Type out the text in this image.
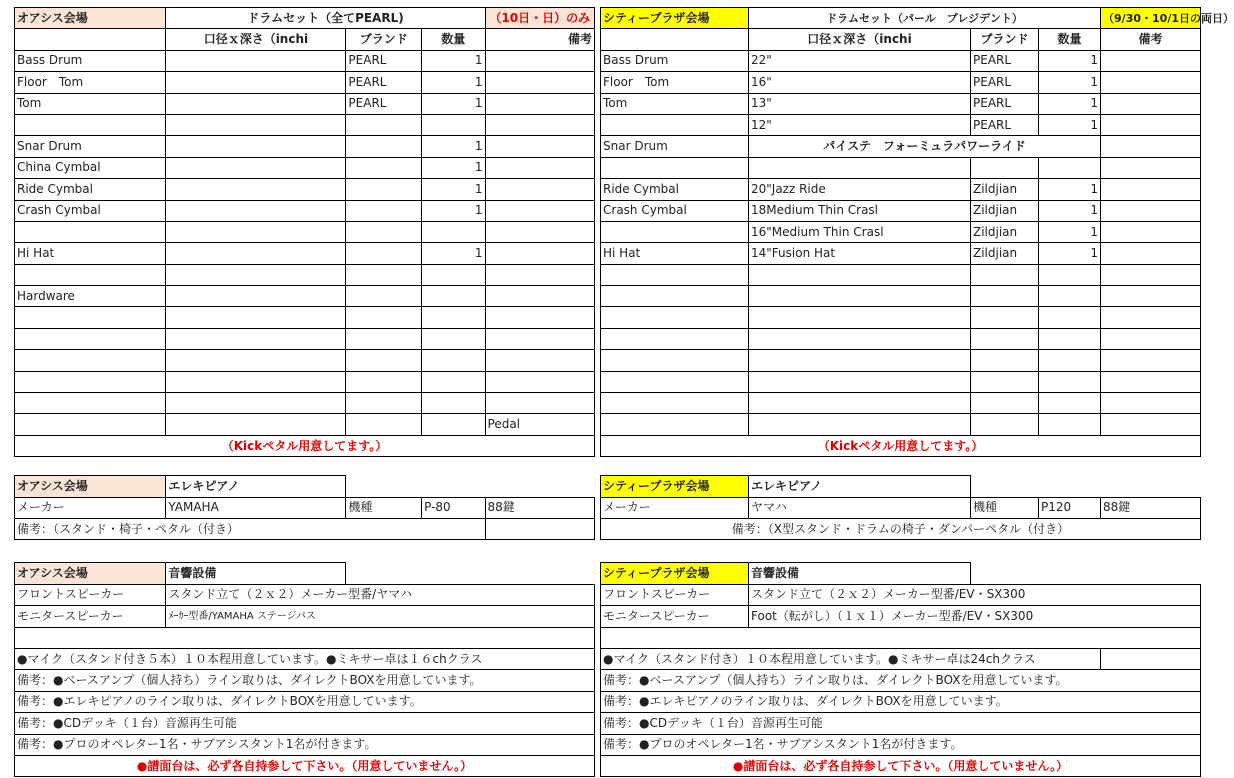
オアシス会場	ドラムセット（全てPEARL)			（10日・日）のみ
	口径ｘ深さ（inchi	ブランド	数量	備考
Bass Drum		PEARL	1	
Floor　Tom		PEARL	1	
Tom		PEARL	1	

Snar Drum			1	
China Cymbal			1	
Ride Cymbal			1	
Crash Cymbal			1	

Hi Hat			1	

Hardware				

				Pedal
（Kickペタル用意してます。）				
オアシス会場	エレキピアノ			
メーカー	YAMAHA	機種	P-80	88鍵
備考：（スタンド・椅子・ペタル（付き）				
オアシス会場	音響設備	
フロントスピーカー	スタンド立て（２ｘ２）メーカー型番/ヤマハ	
モニタースピーカー	ﾒｰｶｰ型番/YAMAHA ステージパス	

●マイク（スタンド付き５本）１０本程用意しています。●ミキサー卓は１６chクラス		
備考：●ベースアンプ（個人持ち）ライン取りは、ダイレクトBOXを用意しています。		
備考：●エレキピアノのライン取りは、ダイレクトBOXを用意しています。		
備考：●CDデッキ（１台）音源再生可能		
備考：●プロのオペレター1名・サブアシスタント1名が付きます。		
●譜面台は、必ず各自持参して下さい。（用意していません。）		
シティープラザ会場	ドラムセット（パール　プレジデント）			（9/30・10/1日の両日）
	口径ｘ深さ（inchi	ブランド	数量	備考
Bass Drum	22"	PEARL	1	
Floor　Tom	16"	PEARL	1	
Tom	13"	PEARL	1	
	12"	PEARL	1	
Snar Drum	パイステ　フォーミュラパワーライド			

Ride Cymbal	20"Jazz Ride	Zildjian	1	
Crash Cymbal	18Medium Thin Crasl	Zildjian	1	
	16"Medium Thin Crasl	Zildjian	1	
Hi Hat	14"Fusion Hat	Zildjian	1	

（Kickペタル用意してます。）				
シティープラザ会場	エレキピアノ			
メーカー	ヤマハ	機種	P120	88鍵
備考：（X型スタンド・ドラムの椅子・ダンパーペタル（付き）				
シティープラザ会場	音響設備		
フロントスピーカー	スタンド立て（２ｘ２）メーカー型番/EV・SX300		
モニタースピーカー	Foot（転がし）（１ｘ１）メーカー型番/EV・SX300		

●マイク（スタンド付き）１０本程用意しています。●ミキサー卓は24chクラス			
備考：●ベースアンプ（個人持ち）ライン取りは、ダイレクトBOXを用意しています。			
備考：●エレキピアノのライン取りは、ダイレクトBOXを用意しています。			
備考：●CDデッキ（１台）音源再生可能			
備考：●プロのオペレター1名・サブアシスタント1名が付きます。			
●譜面台は、必ず各自持参して下さい。（用意していません。）			
